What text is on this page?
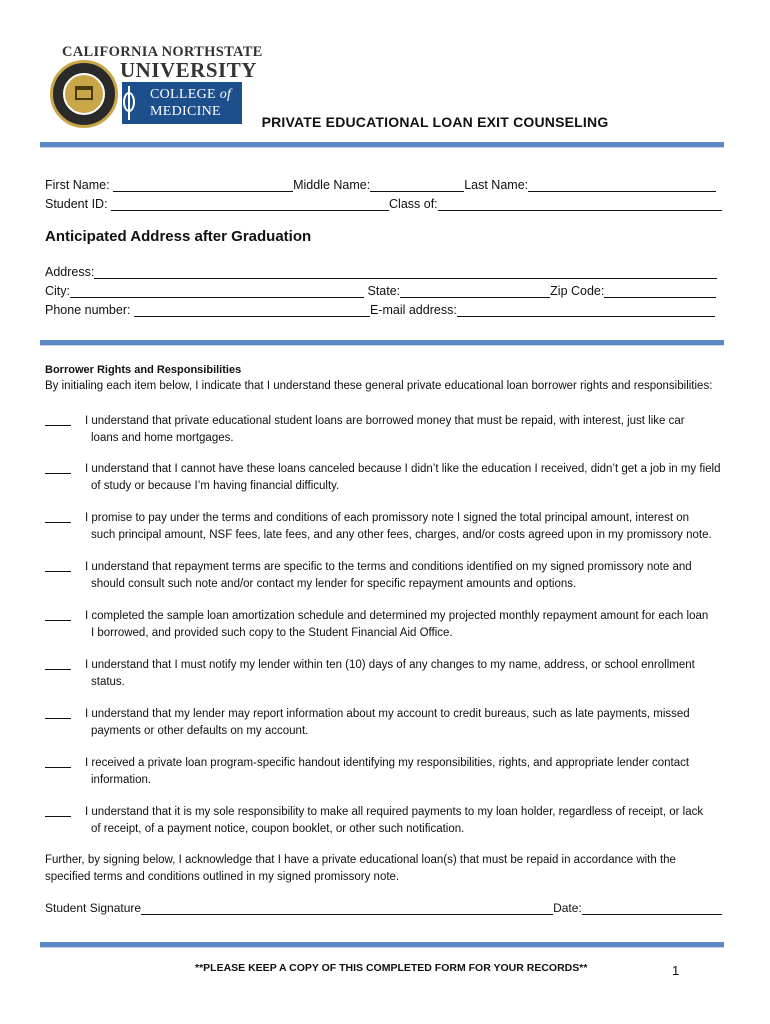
CALIFORNIA NORTHSTATE
UNIVERSITY
COLLEGE of
MEDICINE
PRIVATE EDUCATIONAL LOAN EXIT COUNSELING
First Name:	Middle Name:	Last Name:
Student ID:	Class of:
Anticipated Address after Graduation
Address:
City:	State:	Zip Code:
Phone number:	E-mail address:
Borrower Rights and Responsibilities
By initialing each item below, I indicate that I understand these general private educational loan borrower rights and responsibilities:
I understand that private educational student loans are borrowed money that must be repaid, with interest, just like car
loans and home mortgages.
I understand that I cannot have these loans canceled because I didn’t like the education I received, didn’t get a job in my field
of study or because I’m having financial difficulty.
I promise to pay under the terms and conditions of each promissory note I signed the total principal amount, interest on
such principal amount, NSF fees, late fees, and any other fees, charges, and/or costs agreed upon in my promissory note.
I understand that repayment terms are specific to the terms and conditions identified on my signed promissory note and
should consult such note and/or contact my lender for specific repayment amounts and options.
I completed the sample loan amortization schedule and determined my projected monthly repayment amount for each loan
I borrowed, and provided such copy to the Student Financial Aid Office.
I understand that I must notify my lender within ten (10) days of any changes to my name, address, or school enrollment
status.
I understand that my lender may report information about my account to credit bureaus, such as late payments, missed
payments or other defaults on my account.
I received a private loan program-specific handout identifying my responsibilities, rights, and appropriate lender contact
information.
I understand that it is my sole responsibility to make all required payments to my loan holder, regardless of receipt, or lack
of receipt, of a payment notice, coupon booklet, or other such notification.
Further, by signing below, I acknowledge that I have a private educational loan(s) that must be repaid in accordance with the
specified terms and conditions outlined in my signed promissory note.
Student Signature	Date:
**PLEASE KEEP A COPY OF THIS COMPLETED FORM FOR YOUR RECORDS**	1
